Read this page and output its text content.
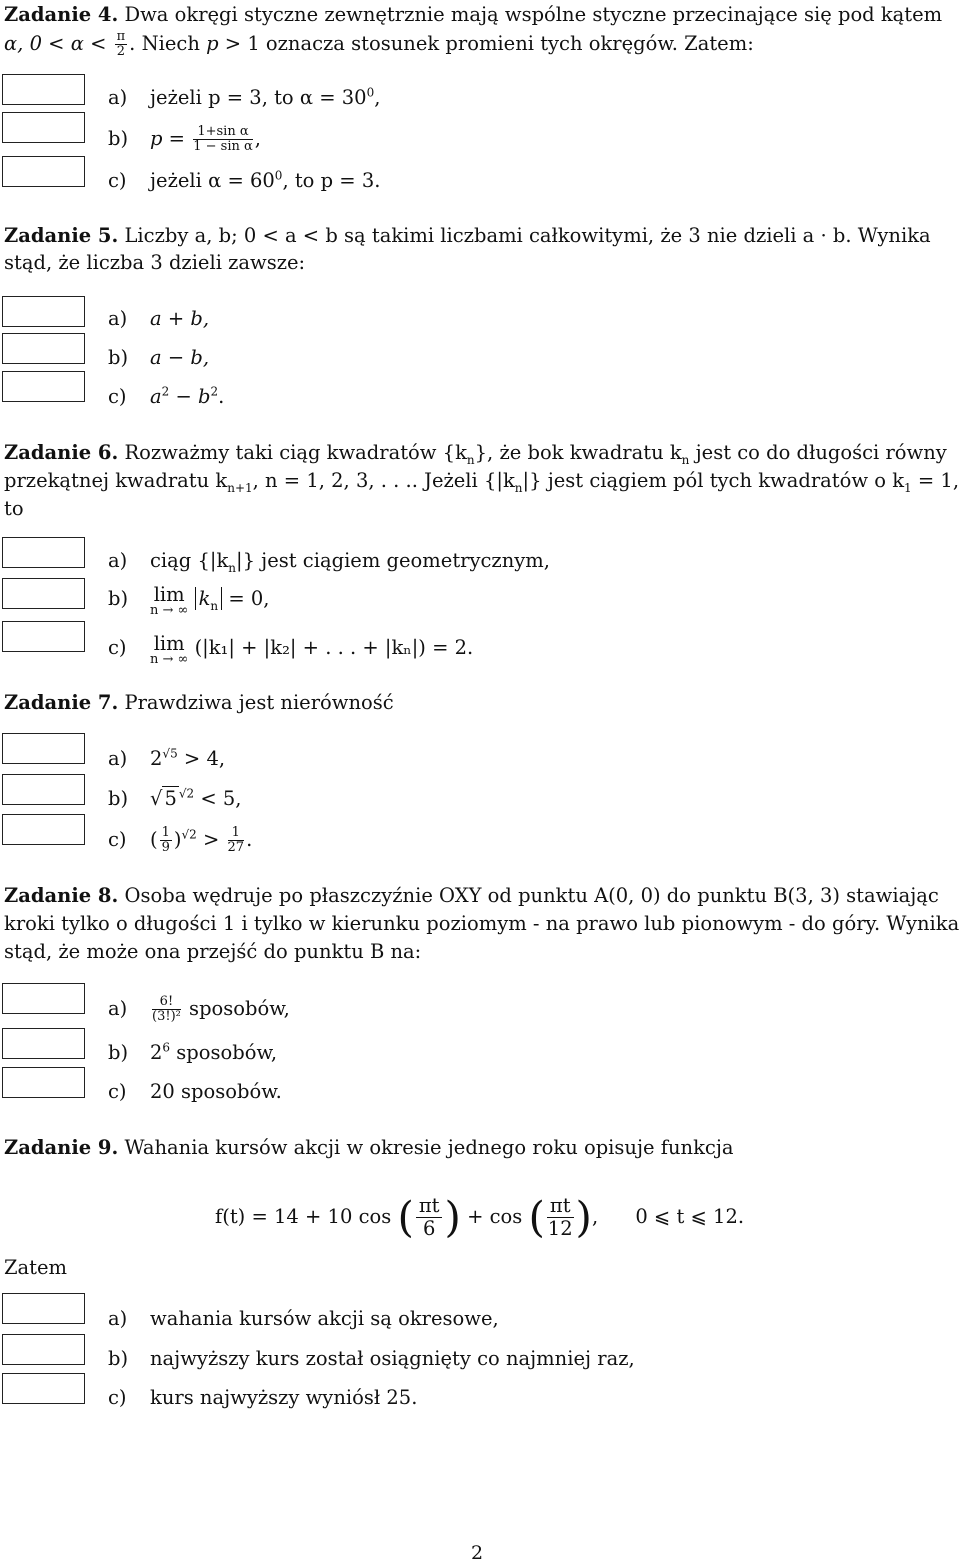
Zadanie 4. Dwa okręgi styczne zewnętrznie mają wspólne styczne przecinające się pod kątem
α, $0 < \alpha < \frac{\pi}{2}$ . Niech p > 1 oznacza stosunek promieni tych okręgów. Zatem:
a) jeżeli p = 3, to $\alpha = 30^0$,
b) $p = \frac{\text{1+sin α}}{\text{1 − sin α}}$ ,
c) jeżeli $\alpha = 60^0$, to p = 3.
Zadanie 5. Liczby a, b; 0 < a < b są takimi liczbami całkowitymi, że 3 nie dzieli a · b. Wynika
stąd, że liczba 3 dzieli zawsze:
a) a + b,
b) a − b,
c) $a^2 - b^2$.
Zadanie 6. Rozważmy taki ciąg kwadratów $\{k_n\}$, że bok kwadratu $k_n$ jest co do długości równy
przekątnej kwadratu $k_{n+1}$, n = 1, 2, 3, . . .. Jeżeli $\{|k_n|\}$ jest ciągiem pól tych kwadratów o $k_1 = 1$,
to
a) ciąg $\{|k_n|\}$ jest ciągiem geometrycznym,
b) lim
n → ∞
$k_n = 0$,
c) lim
n → ∞
(|k₁| + |k₂| + . . . + |kₙ|) = 2.
Zadanie 7. Prawdziwa jest nierówność
a) $2^{√5} > 4$,
b) √ 5 $^{√2}$ < 5,
c) ( $\frac{1}{9} )^{√2} > \frac{1}{27}$ .
Zadanie 8. Osoba wędruje po płaszczyźnie OXY od punktu A(0, 0) do punktu B(3, 3) stawiając
kroki tylko o długości 1 i tylko w kierunku poziomym - na prawo lub pionowym - do góry. Wynika
stąd, że może ona przejść do punktu B na:
$a) \frac{6!}{\text{(3!)²}}$ sposobów,
b) $2^6$ sposobów,
c) 20 sposobów.
Zadanie 9. Wahania kursów akcji w okresie jednego roku opisuje funkcja
f(t) = 14 + 10 cos ( $\frac{\pi t}{6}$ ) + cos ( $\frac{\pi t}{12}$ ),      0 ⩽ t ⩽ 12.
Zatem
a) wahania kursów akcji są okresowe,
b) najwyższy kurs został osiągnięty co najmniej raz,
c) kurs najwyższy wyniósł 25.
2
